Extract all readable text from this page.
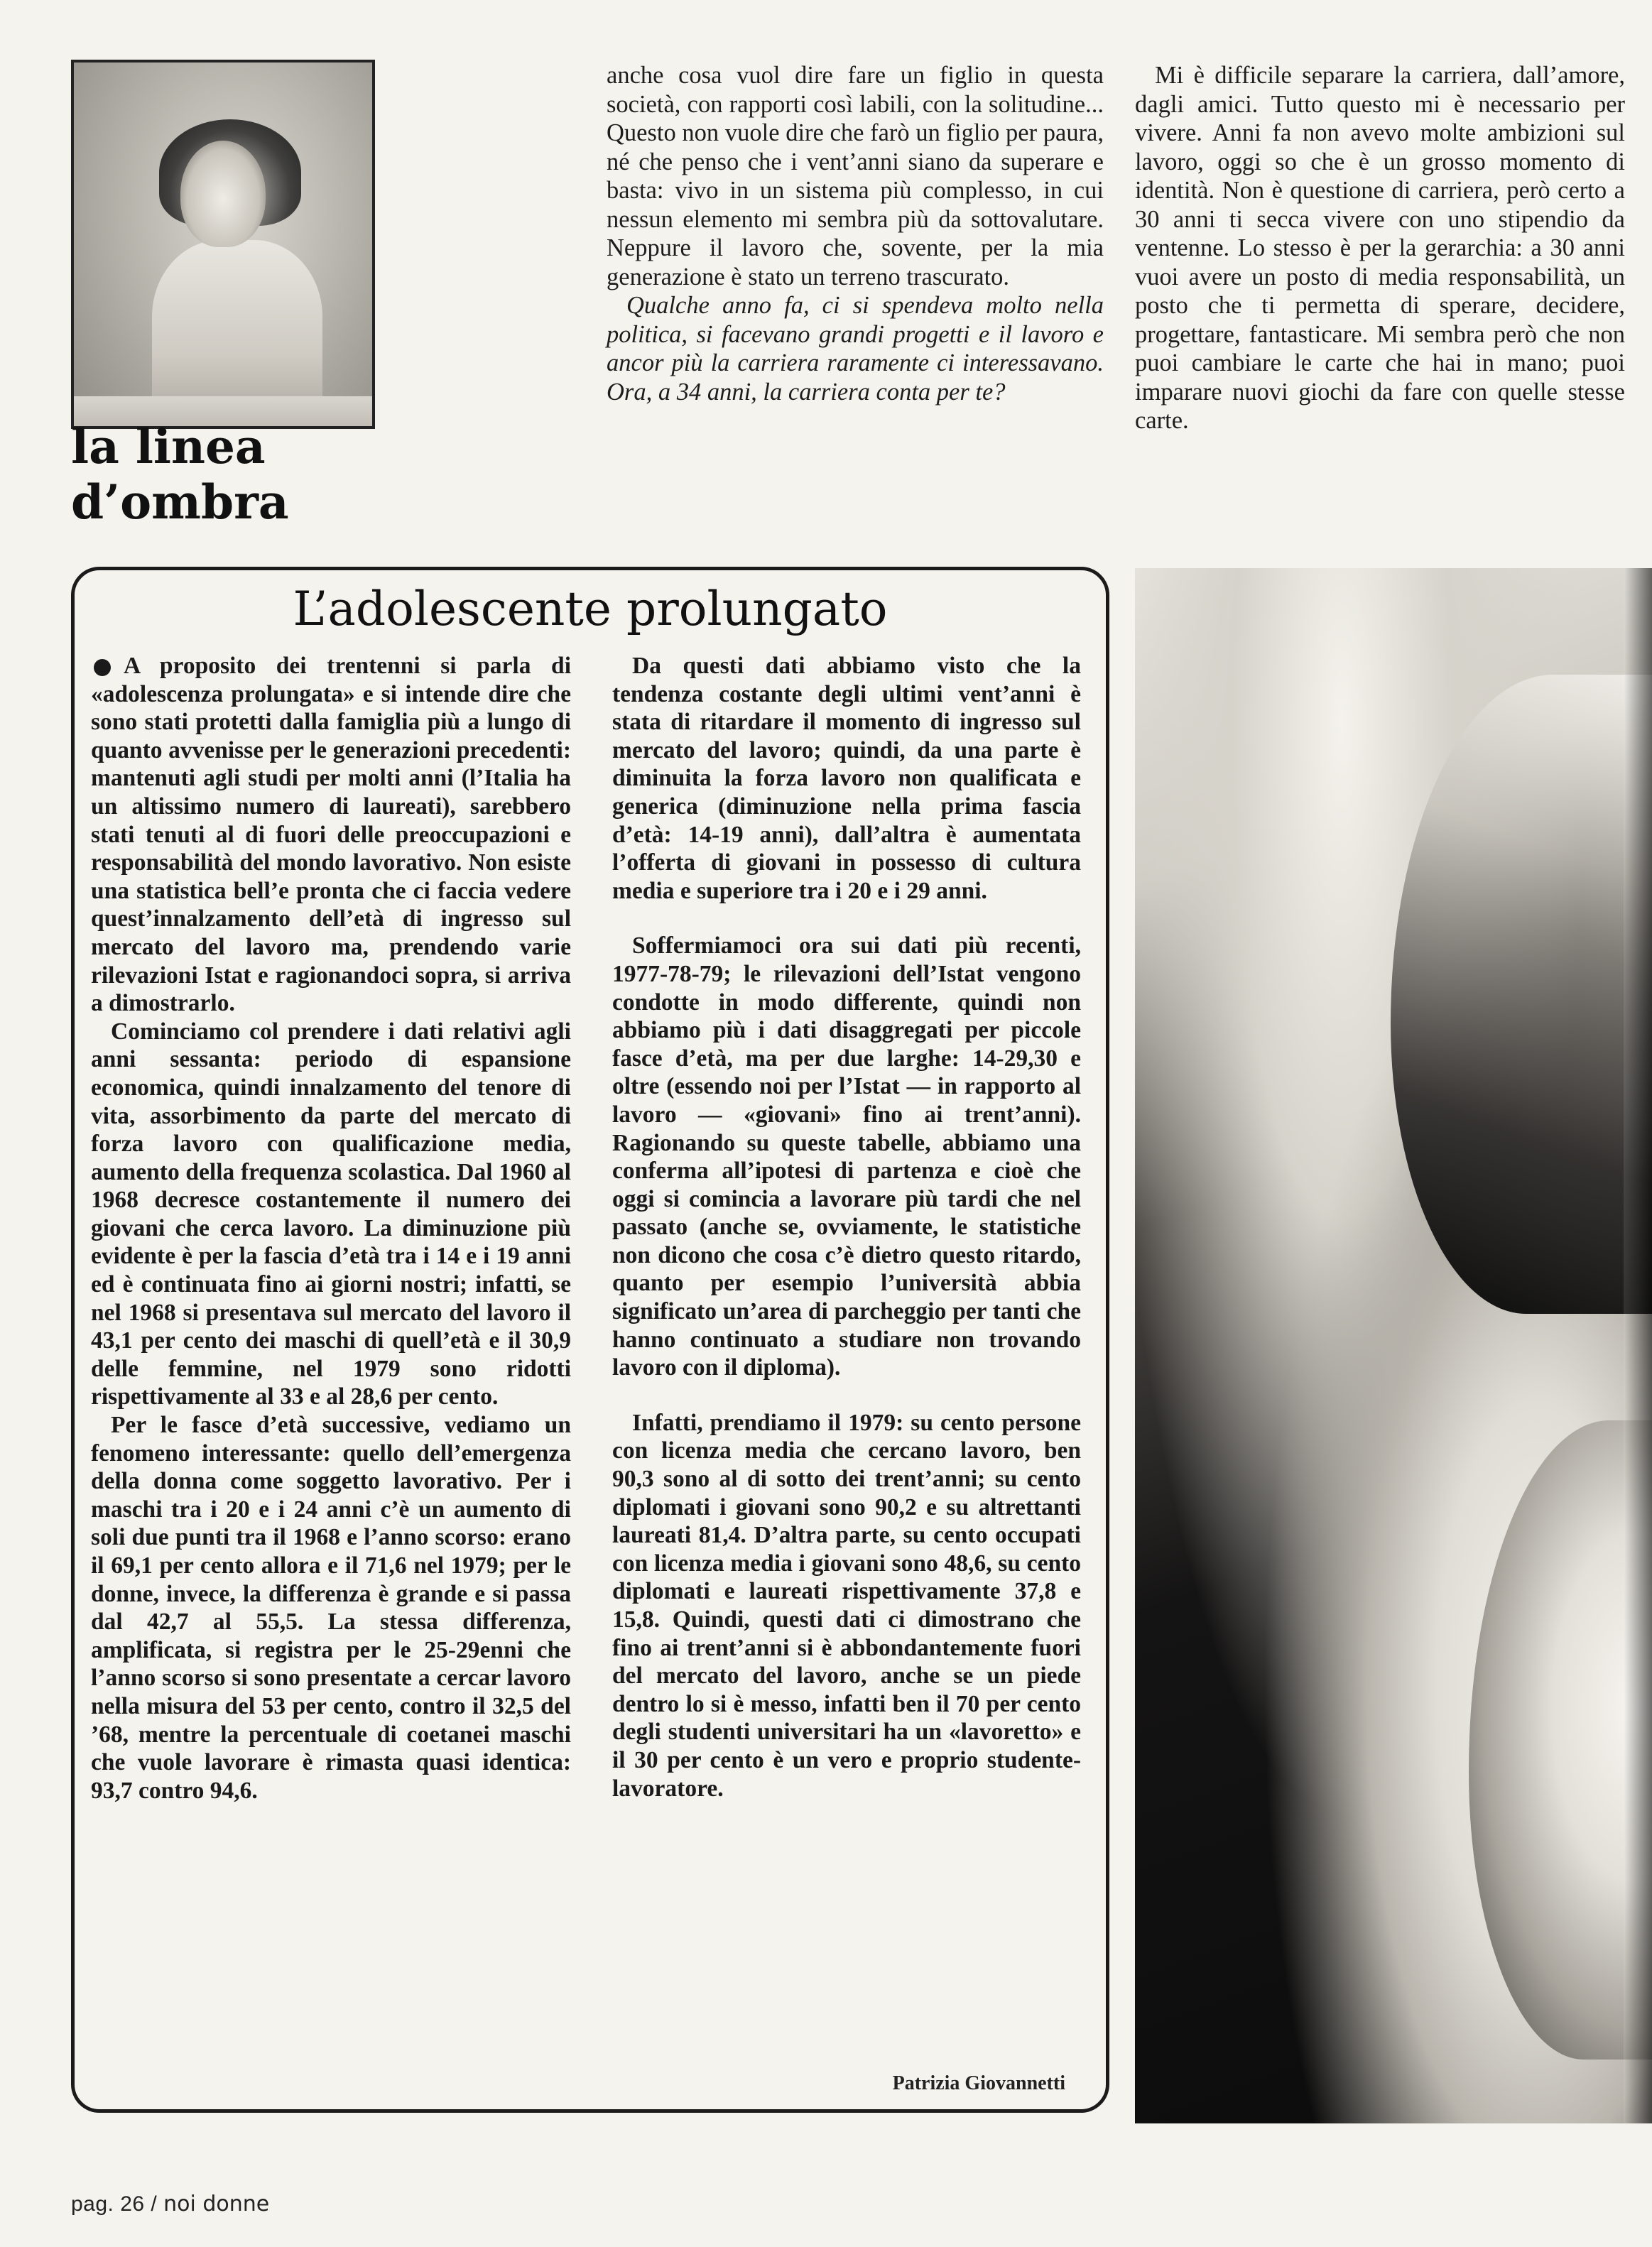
la linea
d’ombra

anche cosa vuol dire fare un figlio in questa società, con rapporti così labili, con la solitudine... Questo non vuole dire che farò un figlio per paura, né che penso che i vent’anni siano da superare e basta: vivo in un sistema più complesso, in cui nessun elemento mi sembra più da sottovalutare. Neppure il lavoro che, sovente, per la mia generazione è stato un terreno trascurato.

Qualche anno fa, ci si spendeva molto nella politica, si facevano grandi progetti e il lavoro e ancor più la carriera raramente ci interessavano. Ora, a 34 anni, la carriera conta per te?

Mi è difficile separare la carriera, dall’amore, dagli amici. Tutto questo mi è necessario per vivere. Anni fa non avevo molte ambizioni sul lavoro, oggi so che è un grosso momento di identità. Non è questione di carriera, però certo a 30 anni ti secca vivere con uno stipendio da ventenne. Lo stesso è per la gerarchia: a 30 anni vuoi avere un posto di media responsabilità, un posto che ti permetta di sperare, decidere, progettare, fantasticare. Mi sembra però che non puoi cambiare le carte che hai in mano; puoi imparare nuovi giochi da fare con quelle stesse carte.

L’adolescente prolungato

A proposito dei trentenni si parla di «adolescenza prolungata» e si intende dire che sono stati protetti dalla famiglia più a lungo di quanto avvenisse per le generazioni precedenti: mantenuti agli studi per molti anni (l’Italia ha un altissimo numero di laureati), sarebbero stati tenuti al di fuori delle preoccupazioni e responsabilità del mondo lavorativo. Non esiste una statistica bell’e pronta che ci faccia vedere quest’innalzamento dell’età di ingresso sul mercato del lavoro ma, prendendo varie rilevazioni Istat e ragionandoci sopra, si arriva a dimostrarlo.

Cominciamo col prendere i dati relativi agli anni sessanta: periodo di espansione economica, quindi innalzamento del tenore di vita, assorbimento da parte del mercato di forza lavoro con qualificazione media, aumento della frequenza scolastica. Dal 1960 al 1968 decresce costantemente il numero dei giovani che cerca lavoro. La diminuzione più evidente è per la fascia d’età tra i 14 e i 19 anni ed è continuata fino ai giorni nostri; infatti, se nel 1968 si presentava sul mercato del lavoro il 43,1 per cento dei maschi di quell’età e il 30,9 delle femmine, nel 1979 sono ridotti rispettivamente al 33 e al 28,6 per cento.

Per le fasce d’età successive, vediamo un fenomeno interessante: quello dell’emergenza della donna come soggetto lavorativo. Per i maschi tra i 20 e i 24 anni c’è un aumento di soli due punti tra il 1968 e l’anno scorso: erano il 69,1 per cento allora e il 71,6 nel 1979; per le donne, invece, la differenza è grande e si passa dal 42,7 al 55,5. La stessa differenza, amplificata, si registra per le 25-29enni che l’anno scorso si sono presentate a cercar lavoro nella misura del 53 per cento, contro il 32,5 del ’68, mentre la percentuale di coetanei maschi che vuole lavorare è rimasta quasi identica: 93,7 contro 94,6.

Da questi dati abbiamo visto che la tendenza costante degli ultimi vent’anni è stata di ritardare il momento di ingresso sul mercato del lavoro; quindi, da una parte è diminuita la forza lavoro non qualificata e generica (diminuzione nella prima fascia d’età: 14-19 anni), dall’altra è aumentata l’offerta di giovani in possesso di cultura media e superiore tra i 20 e i 29 anni.

Soffermiamoci ora sui dati più recenti, 1977-78-79; le rilevazioni dell’Istat vengono condotte in modo differente, quindi non abbiamo più i dati disaggregati per piccole fasce d’età, ma per due larghe: 14-29,30 e oltre (essendo noi per l’Istat — in rapporto al lavoro — «giovani» fino ai trent’anni). Ragionando su queste tabelle, abbiamo una conferma all’ipotesi di partenza e cioè che oggi si comincia a lavorare più tardi che nel passato (anche se, ovviamente, le statistiche non dicono che cosa c’è dietro questo ritardo, quanto per esempio l’università abbia significato un’area di parcheggio per tanti che hanno continuato a studiare non trovando lavoro con il diploma).

Infatti, prendiamo il 1979: su cento persone con licenza media che cercano lavoro, ben 90,3 sono al di sotto dei trent’anni; su cento diplomati i giovani sono 90,2 e su altrettanti laureati 81,4. D’altra parte, su cento occupati con licenza media i giovani sono 48,6, su cento diplomati e laureati rispettivamente 37,8 e 15,8. Quindi, questi dati ci dimostrano che fino ai trent’anni si è abbondantemente fuori del mercato del lavoro, anche se un piede dentro lo si è messo, infatti ben il 70 per cento degli studenti universitari ha un «lavoretto» e il 30 per cento è un vero e proprio studente-lavoratore.

Patrizia Giovannetti
pag. 26 / noi donne
